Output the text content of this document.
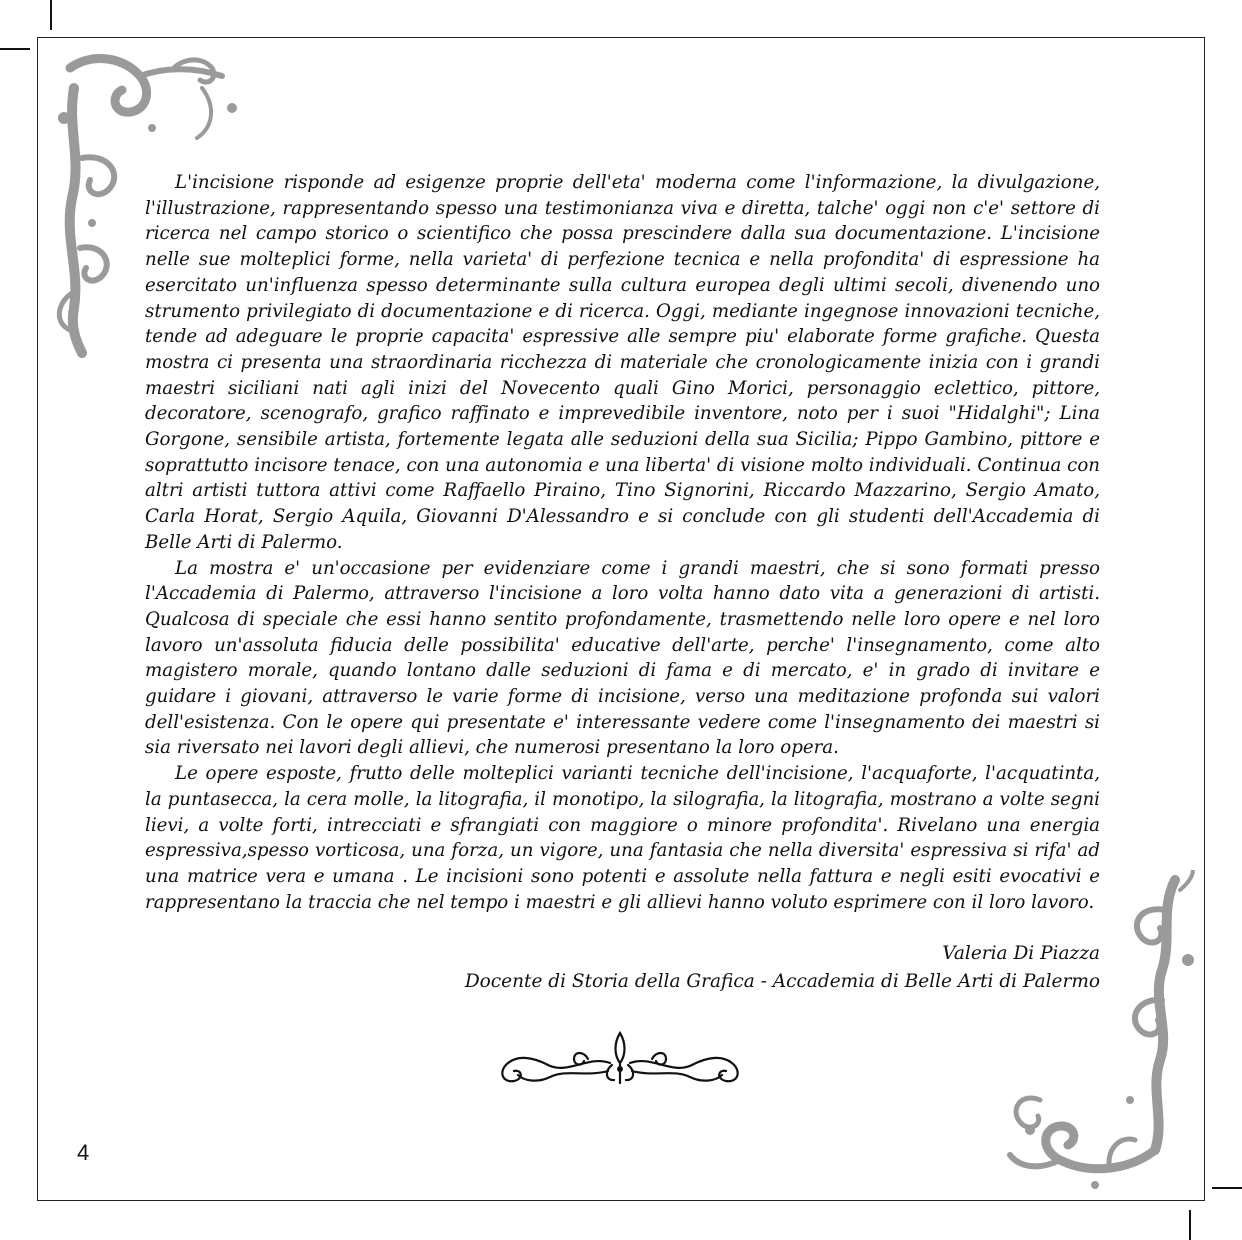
L'incisione risponde ad esigenze proprie dell'eta' moderna come l'informazione, la divulgazione, l'illustrazione, rappresentando spesso una testimonianza viva e diretta, talche' oggi non c'e' settore di ricerca nel campo storico o scientifico che possa prescindere dalla sua documentazione. L'incisione nelle sue molteplici forme, nella varieta' di perfezione tecnica e nella profondita' di espressione ha esercitato un'influenza spesso determinante sulla cultura europea degli ultimi secoli, divenendo uno strumento privilegiato di documentazione e di ricerca. Oggi, mediante ingegnose innovazioni tecniche, tende ad adeguare le proprie capacita' espressive alle sempre piu' elaborate forme grafiche. Questa mostra ci presenta una straordinaria ricchezza di materiale che cronologicamente inizia con i grandi maestri siciliani nati agli inizi del Novecento quali Gino Morici, personaggio eclettico, pittore, decoratore, scenografo, grafico raffinato e imprevedibile inventore, noto per i suoi "Hidalghi"; Lina Gorgone, sensibile artista, fortemente legata alle seduzioni della sua Sicilia; Pippo Gambino, pittore e soprattutto incisore tenace, con una autonomia e una liberta' di visione molto individuali. Continua con altri artisti tuttora attivi come Raffaello Piraino, Tino Signorini, Riccardo Mazzarino, Sergio Amato, Carla Horat, Sergio Aquila, Giovanni D'Alessandro e si conclude con gli studenti dell'Accademia di Belle Arti di Palermo.

La mostra e' un'occasione per evidenziare come i grandi maestri, che si sono formati presso l'Accademia di Palermo, attraverso l'incisione a loro volta hanno dato vita a generazioni di artisti. Qualcosa di speciale che essi hanno sentito profondamente, trasmettendo nelle loro opere e nel loro lavoro un'assoluta fiducia delle possibilita' educative dell'arte, perche' l'insegnamento, come alto magistero morale, quando lontano dalle seduzioni di fama e di mercato, e' in grado di invitare e guidare i giovani, attraverso le varie forme di incisione, verso una meditazione profonda sui valori dell'esistenza. Con le opere qui presentate e' interessante vedere come l'insegnamento dei maestri si sia riversato nei lavori degli allievi, che numerosi presentano la loro opera.

Le opere esposte, frutto delle molteplici varianti tecniche dell'incisione, l'acquaforte, l'acquatinta, la puntasecca, la cera molle, la litografia, il monotipo, la silografia, la litografia, mostrano a volte segni lievi, a volte forti, intrecciati e sfrangiati con maggiore o minore profondita'. Rivelano una energia espressiva,spesso vorticosa, una forza, un vigore, una fantasia che nella diversita' espressiva si rifa' ad una matrice vera e umana . Le incisioni sono potenti e assolute nella fattura e negli esiti evocativi e rappresentano la traccia che nel tempo i maestri e gli allievi hanno voluto esprimere con il loro lavoro.

Valeria Di Piazza
Docente di Storia della Grafica - Accademia di Belle Arti di Palermo
4
